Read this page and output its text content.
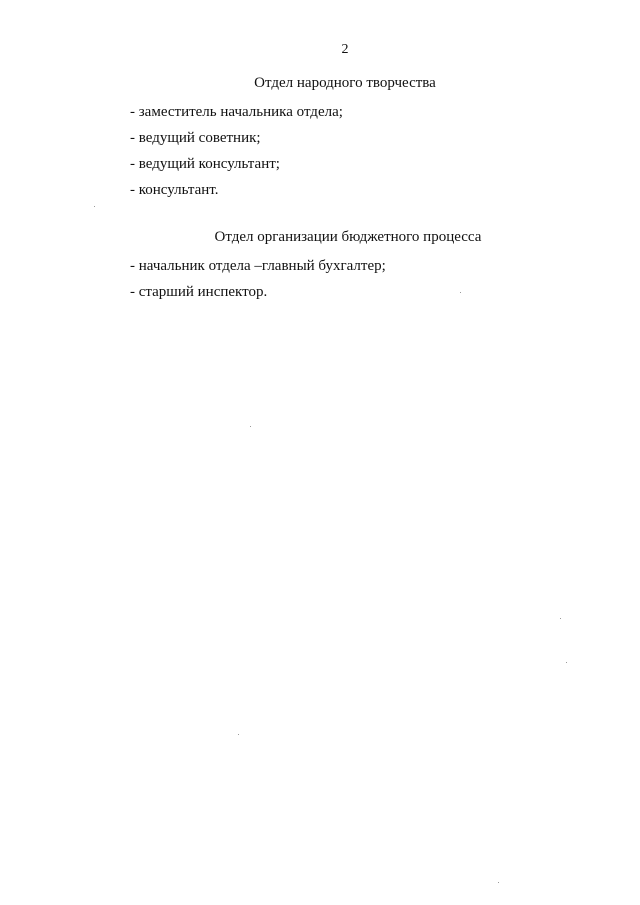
2
Отдел народного творчества
- заместитель начальника отдела;
- ведущий советник;
- ведущий консультант;
- консультант.
Отдел организации бюджетного процесса
- начальник отдела –главный бухгалтер;
- старший инспектор.
